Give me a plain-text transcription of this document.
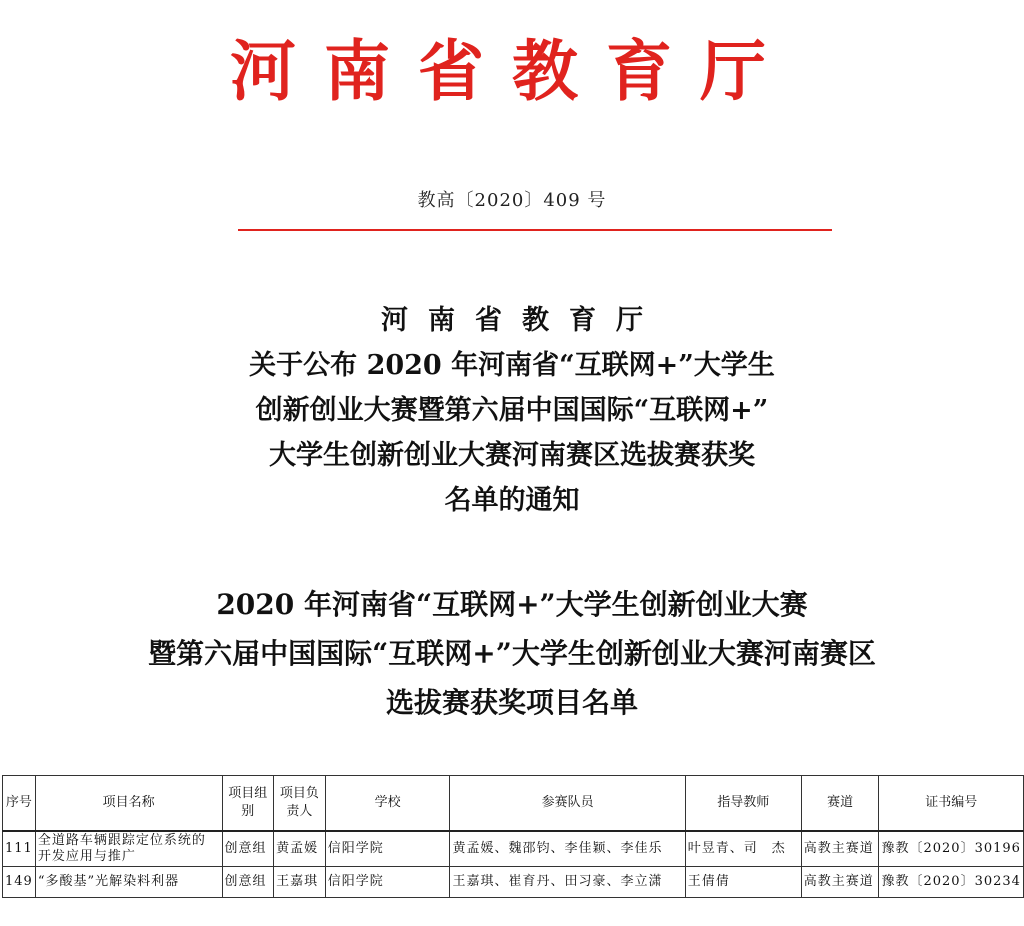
河南省教育厅
教高〔2020〕409 号
河南省教育厅
关于公布 2020 年河南省“互联网+”大学生
创新创业大赛暨第六届中国国际“互联网+”
大学生创新创业大赛河南赛区选拔赛获奖
名单的通知
2020 年河南省“互联网+”大学生创新创业大赛
暨第六届中国国际“互联网+”大学生创新创业大赛河南赛区
选拔赛获奖项目名单
序号	项目名称	项目组别	项目负责人	学校	参赛队员	指导教师	赛道	证书编号
111	全道路车辆跟踪定位系统的开发应用与推广	创意组	黄孟媛	信阳学院	黄孟媛、魏邵钧、李佳颖、李佳乐	叶昱青、司　杰	高教主赛道	豫教〔2020〕30196
149	“多酸基”光解染料利器	创意组	王嘉琪	信阳学院	王嘉琪、崔育丹、田习豪、李立潇	王倩倩	高教主赛道	豫教〔2020〕30234
